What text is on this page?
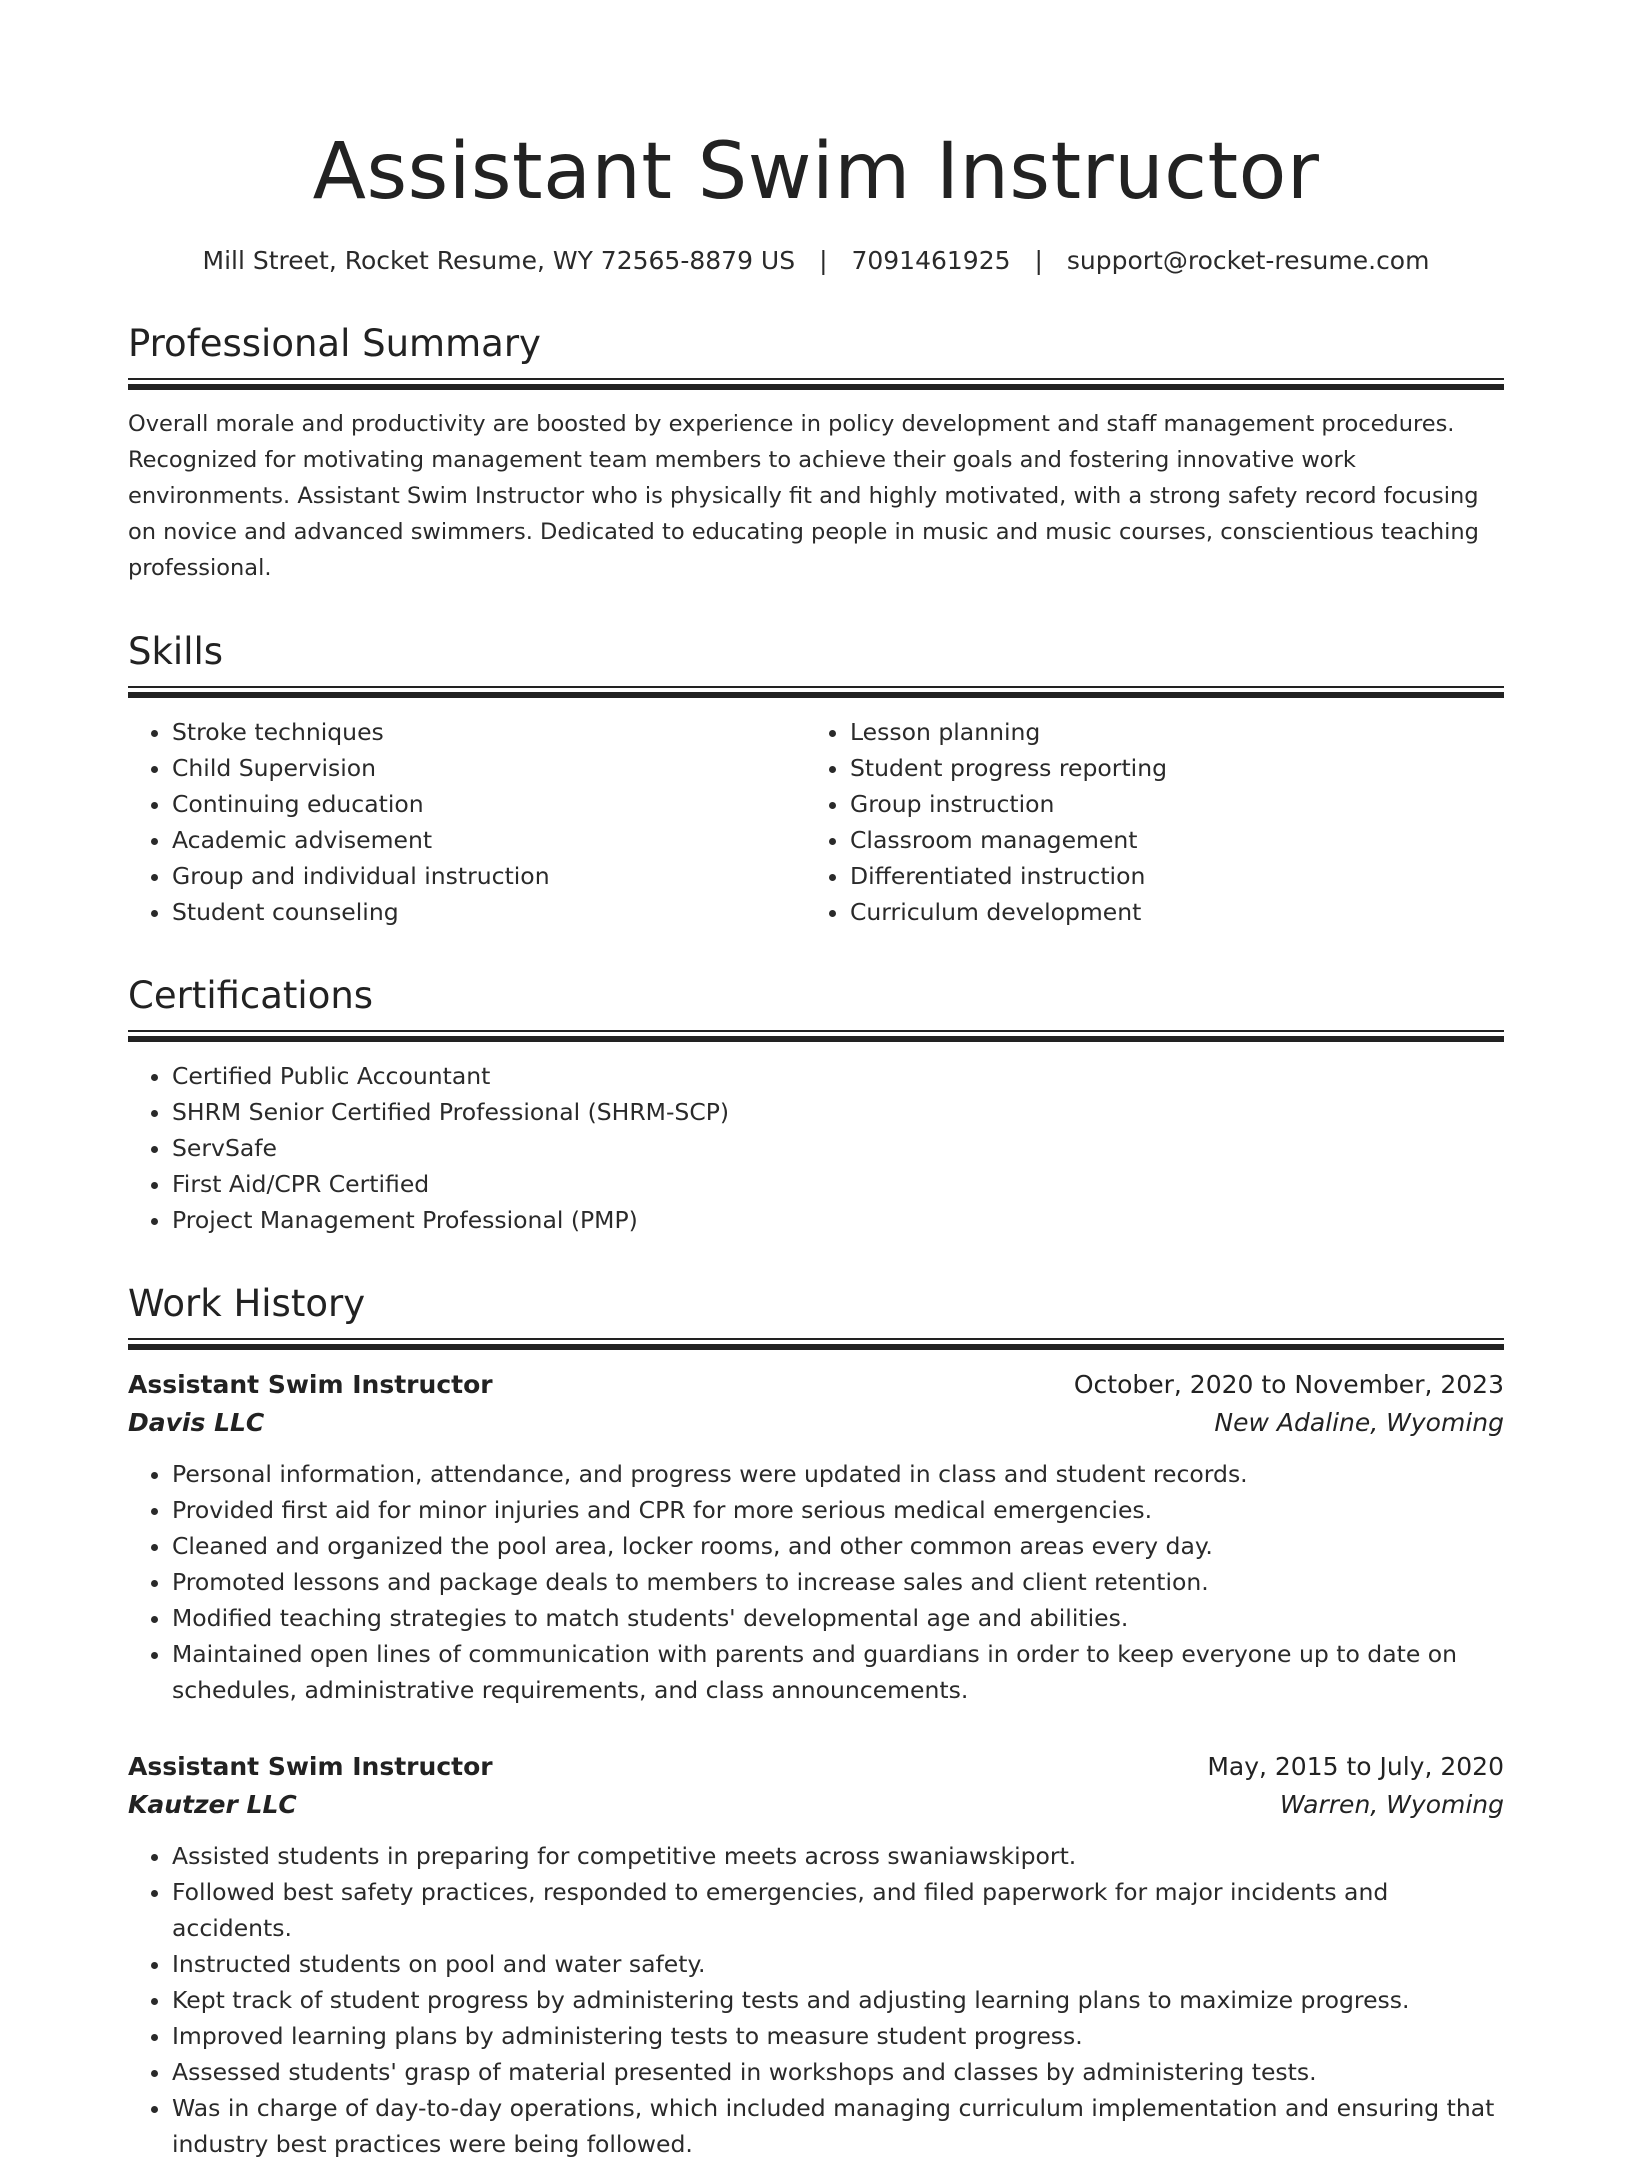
Assistant Swim Instructor
Mill Street, Rocket Resume, WY 72565-8879 US | 7091461925 | support@rocket-resume.com
Professional Summary
Overall morale and productivity are boosted by experience in policy development and staff management procedures. Recognized for motivating management team members to achieve their goals and fostering innovative work environments. Assistant Swim Instructor who is physically fit and highly motivated, with a strong safety record focusing on novice and advanced swimmers. Dedicated to educating people in music and music courses, conscientious teaching professional.
Skills
• Stroke techniques
• Child Supervision
• Continuing education
• Academic advisement
• Group and individual instruction
• Student counseling
• Lesson planning
• Student progress reporting
• Group instruction
• Classroom management
• Differentiated instruction
• Curriculum development
Certifications
• Certified Public Accountant
• SHRM Senior Certified Professional (SHRM-SCP)
• ServSafe
• First Aid/CPR Certified
• Project Management Professional (PMP)
Work History
Assistant Swim Instructor	October, 2020 to November, 2023
Davis LLC	New Adaline, Wyoming
• Personal information, attendance, and progress were updated in class and student records.
• Provided first aid for minor injuries and CPR for more serious medical emergencies.
• Cleaned and organized the pool area, locker rooms, and other common areas every day.
• Promoted lessons and package deals to members to increase sales and client retention.
• Modified teaching strategies to match students' developmental age and abilities.
• Maintained open lines of communication with parents and guardians in order to keep everyone up to date on schedules, administrative requirements, and class announcements.
Assistant Swim Instructor	May, 2015 to July, 2020
Kautzer LLC	Warren, Wyoming
• Assisted students in preparing for competitive meets across swaniawskiport.
• Followed best safety practices, responded to emergencies, and filed paperwork for major incidents and accidents.
• Instructed students on pool and water safety.
• Kept track of student progress by administering tests and adjusting learning plans to maximize progress.
• Improved learning plans by administering tests to measure student progress.
• Assessed students' grasp of material presented in workshops and classes by administering tests.
• Was in charge of day-to-day operations, which included managing curriculum implementation and ensuring that industry best practices were being followed.
